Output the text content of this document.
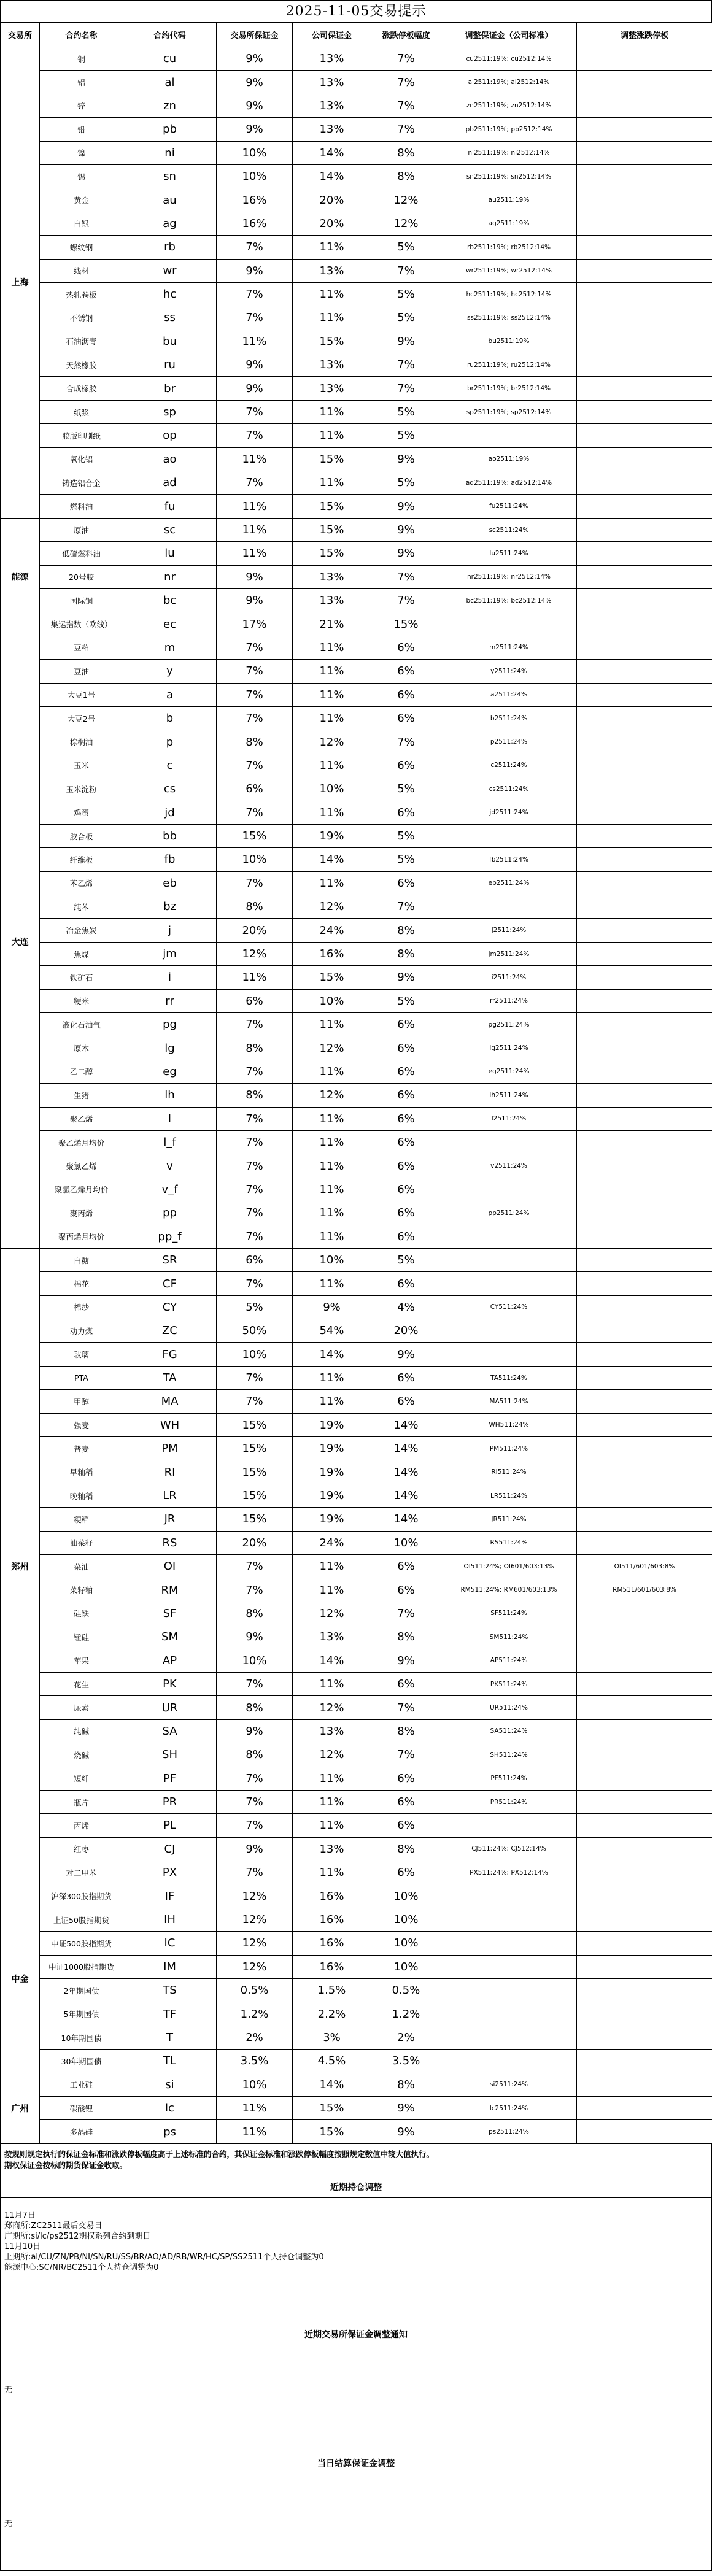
2025-11-05交易提示
交易所	合约名称	合约代码	交易所保证金	公司保证金	涨跌停板幅度	调整保证金（公司标准）	调整涨跌停板
上海	铜	cu	9%	13%	7%	cu2511:19%; cu2512:14%	
	铝	al	9%	13%	7%	al2511:19%; al2512:14%	
	锌	zn	9%	13%	7%	zn2511:19%; zn2512:14%	
	铅	pb	9%	13%	7%	pb2511:19%; pb2512:14%	
	镍	ni	10%	14%	8%	ni2511:19%; ni2512:14%	
	锡	sn	10%	14%	8%	sn2511:19%; sn2512:14%	
	黄金	au	16%	20%	12%	au2511:19%	
	白银	ag	16%	20%	12%	ag2511:19%	
	螺纹钢	rb	7%	11%	5%	rb2511:19%; rb2512:14%	
	线材	wr	9%	13%	7%	wr2511:19%; wr2512:14%	
	热轧卷板	hc	7%	11%	5%	hc2511:19%; hc2512:14%	
	不锈钢	ss	7%	11%	5%	ss2511:19%; ss2512:14%	
	石油沥青	bu	11%	15%	9%	bu2511:19%	
	天然橡胶	ru	9%	13%	7%	ru2511:19%; ru2512:14%	
	合成橡胶	br	9%	13%	7%	br2511:19%; br2512:14%	
	纸浆	sp	7%	11%	5%	sp2511:19%; sp2512:14%	
	胶版印刷纸	op	7%	11%	5%		
	氧化铝	ao	11%	15%	9%	ao2511:19%	
	铸造铝合金	ad	7%	11%	5%	ad2511:19%; ad2512:14%	
	燃料油	fu	11%	15%	9%	fu2511:24%	
能源	原油	sc	11%	15%	9%	sc2511:24%	
	低硫燃料油	lu	11%	15%	9%	lu2511:24%	
	20号胶	nr	9%	13%	7%	nr2511:19%; nr2512:14%	
	国际铜	bc	9%	13%	7%	bc2511:19%; bc2512:14%	
	集运指数（欧线）	ec	17%	21%	15%		
大连	豆粕	m	7%	11%	6%	m2511:24%	
	豆油	y	7%	11%	6%	y2511:24%	
	大豆1号	a	7%	11%	6%	a2511:24%	
	大豆2号	b	7%	11%	6%	b2511:24%	
	棕榈油	p	8%	12%	7%	p2511:24%	
	玉米	c	7%	11%	6%	c2511:24%	
	玉米淀粉	cs	6%	10%	5%	cs2511:24%	
	鸡蛋	jd	7%	11%	6%	jd2511:24%	
	胶合板	bb	15%	19%	5%		
	纤维板	fb	10%	14%	5%	fb2511:24%	
	苯乙烯	eb	7%	11%	6%	eb2511:24%	
	纯苯	bz	8%	12%	7%		
	冶金焦炭	j	20%	24%	8%	j2511:24%	
	焦煤	jm	12%	16%	8%	jm2511:24%	
	铁矿石	i	11%	15%	9%	i2511:24%	
	粳米	rr	6%	10%	5%	rr2511:24%	
	液化石油气	pg	7%	11%	6%	pg2511:24%	
	原木	lg	8%	12%	6%	lg2511:24%	
	乙二醇	eg	7%	11%	6%	eg2511:24%	
	生猪	lh	8%	12%	6%	lh2511:24%	
	聚乙烯	l	7%	11%	6%	l2511:24%	
	聚乙烯月均价	l_f	7%	11%	6%		
	聚氯乙烯	v	7%	11%	6%	v2511:24%	
	聚氯乙烯月均价	v_f	7%	11%	6%		
	聚丙烯	pp	7%	11%	6%	pp2511:24%	
	聚丙烯月均价	pp_f	7%	11%	6%		
郑州	白糖	SR	6%	10%	5%		
	棉花	CF	7%	11%	6%		
	棉纱	CY	5%	9%	4%	CY511:24%	
	动力煤	ZC	50%	54%	20%		
	玻璃	FG	10%	14%	9%		
	PTA	TA	7%	11%	6%	TA511:24%	
	甲醇	MA	7%	11%	6%	MA511:24%	
	强麦	WH	15%	19%	14%	WH511:24%	
	普麦	PM	15%	19%	14%	PM511:24%	
	早籼稻	RI	15%	19%	14%	RI511:24%	
	晚籼稻	LR	15%	19%	14%	LR511:24%	
	粳稻	JR	15%	19%	14%	JR511:24%	
	油菜籽	RS	20%	24%	10%	RS511:24%	
	菜油	OI	7%	11%	6%	OI511:24%; OI601/603:13%	OI511/601/603:8%
	菜籽粕	RM	7%	11%	6%	RM511:24%; RM601/603:13%	RM511/601/603:8%
	硅铁	SF	8%	12%	7%	SF511:24%	
	锰硅	SM	9%	13%	8%	SM511:24%	
	苹果	AP	10%	14%	9%	AP511:24%	
	花生	PK	7%	11%	6%	PK511:24%	
	尿素	UR	8%	12%	7%	UR511:24%	
	纯碱	SA	9%	13%	8%	SA511:24%	
	烧碱	SH	8%	12%	7%	SH511:24%	
	短纤	PF	7%	11%	6%	PF511:24%	
	瓶片	PR	7%	11%	6%	PR511:24%	
	丙烯	PL	7%	11%	6%		
	红枣	CJ	9%	13%	8%	CJ511:24%; CJ512:14%	
	对二甲苯	PX	7%	11%	6%	PX511:24%; PX512:14%	
中金	沪深300股指期货	IF	12%	16%	10%		
	上证50股指期货	IH	12%	16%	10%		
	中证500股指期货	IC	12%	16%	10%		
	中证1000股指期货	IM	12%	16%	10%		
	2年期国债	TS	0.5%	1.5%	0.5%		
	5年期国债	TF	1.2%	2.2%	1.2%		
	10年期国债	T	2%	3%	2%		
	30年期国债	TL	3.5%	4.5%	3.5%		
广州	工业硅	si	10%	14%	8%	si2511:24%	
	碳酸锂	lc	11%	15%	9%	lc2511:24%	
	多晶硅	ps	11%	15%	9%	ps2511:24%	
按规则规定执行的保证金标准和涨跌停板幅度高于上述标准的合约，其保证金标准和涨跌停板幅度按照规定数值中较大值执行。
期权保证金按标的期货保证金收取。
近期持仓调整
11月7日
郑商所:ZC2511最后交易日
广期所:si/lc/ps2512期权系列合约到期日
11月10日
上期所:al/CU/ZN/PB/NI/SN/RU/SS/BR/AO/AD/RB/WR/HC/SP/SS2511个人持仓调整为0
能源中心:SC/NR/BC2511个人持仓调整为0
近期交易所保证金调整通知
无
当日结算保证金调整
无
